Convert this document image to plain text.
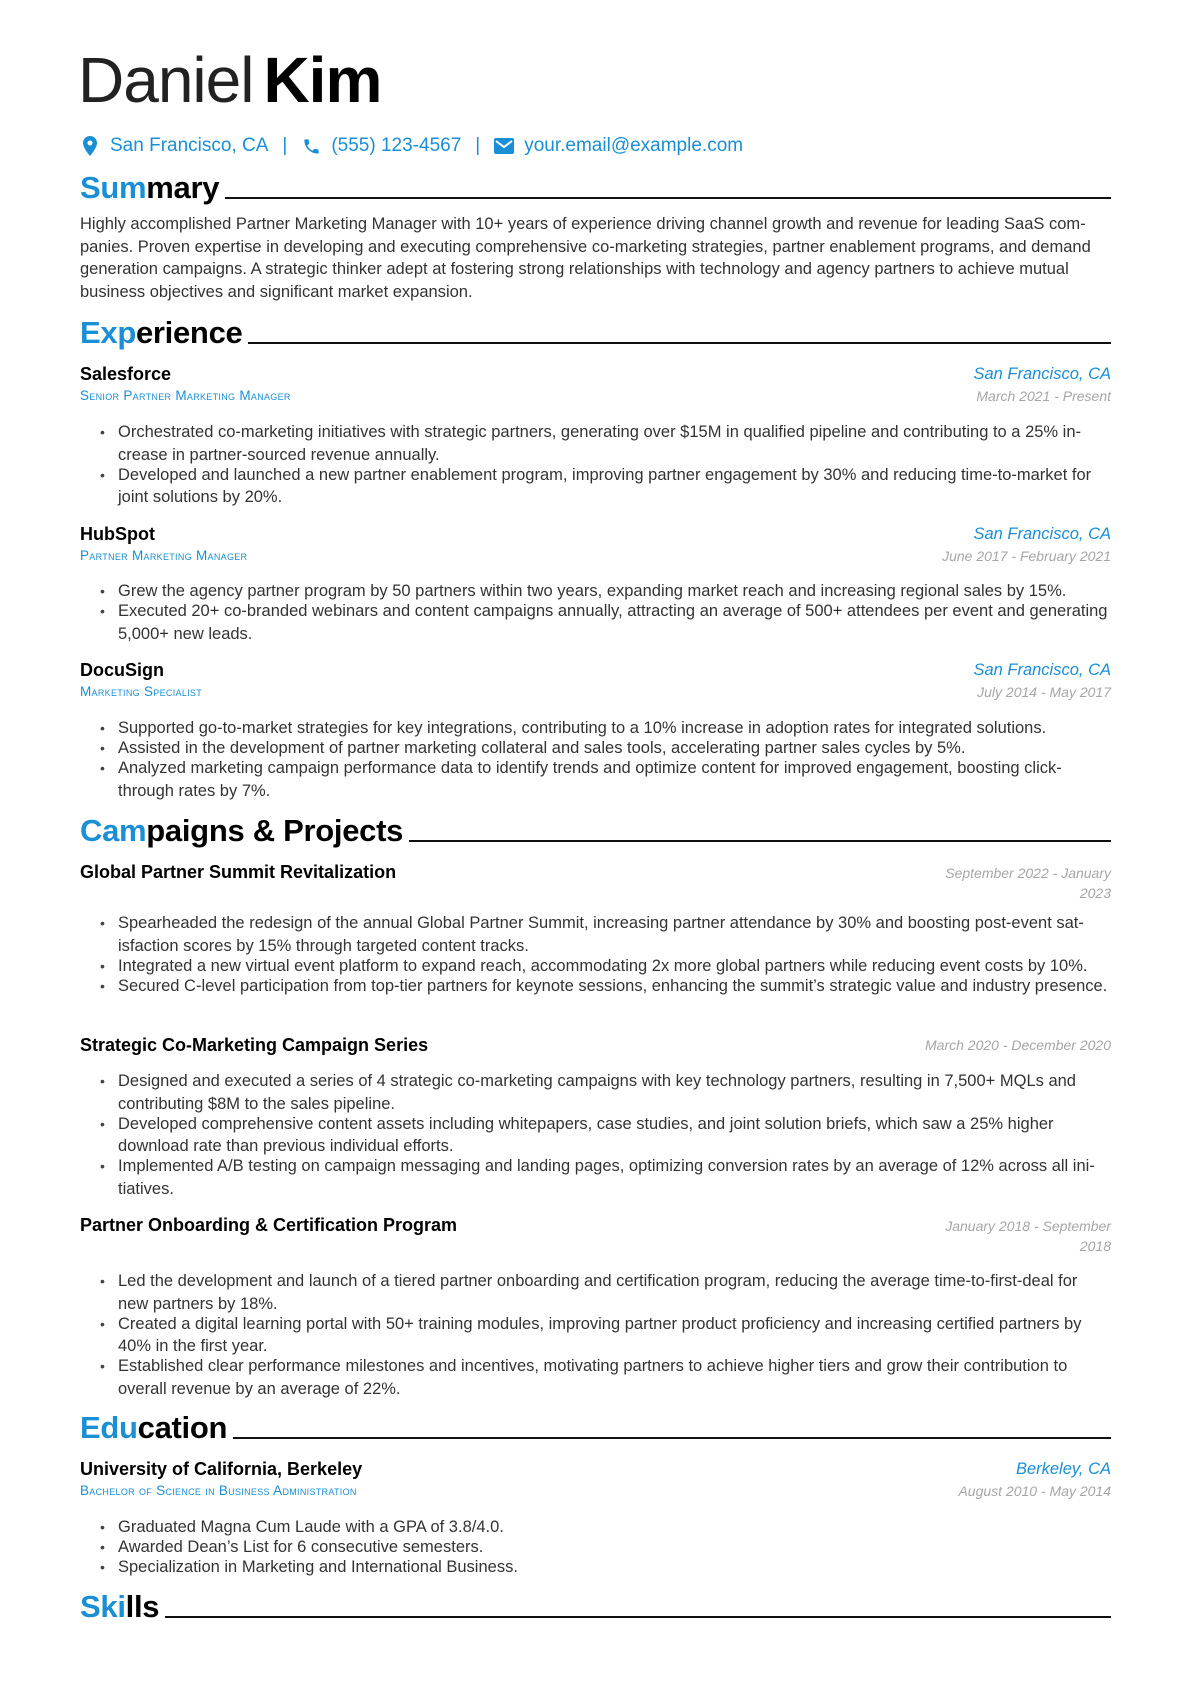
Daniel Kim
San Francisco, CA | (555) 123-4567 | your.email@example.com
Summary
Highly accomplished Partner Marketing Manager with 10+ years of experience driving channel growth and revenue for leading SaaS companies. Proven expertise in developing and executing comprehensive co-marketing strategies, partner enablement programs, and demand generation campaigns. A strategic thinker adept at fostering strong relationships with technology and agency partners to achieve mutual business objectives and significant market expansion.
Experience
Salesforce	San Francisco, CA
Senior Partner Marketing Manager	March 2021 - Present
• Orchestrated co-marketing initiatives with strategic partners, generating over $15M in qualified pipeline and contributing to a 25% increase in partner-sourced revenue annually.
• Developed and launched a new partner enablement program, improving partner engagement by 30% and reducing time-to-market for joint solutions by 20%.
HubSpot	San Francisco, CA
Partner Marketing Manager	June 2017 - February 2021
• Grew the agency partner program by 50 partners within two years, expanding market reach and increasing regional sales by 15%.
• Executed 20+ co-branded webinars and content campaigns annually, attracting an average of 500+ attendees per event and generating 5,000+ new leads.
DocuSign	San Francisco, CA
Marketing Specialist	July 2014 - May 2017
• Supported go-to-market strategies for key integrations, contributing to a 10% increase in adoption rates for integrated solutions.
• Assisted in the development of partner marketing collateral and sales tools, accelerating partner sales cycles by 5%.
• Analyzed marketing campaign performance data to identify trends and optimize content for improved engagement, boosting clickthrough rates by 7%.
Campaigns & Projects
Global Partner Summit Revitalization	September 2022 - January 2023
• Spearheaded the redesign of the annual Global Partner Summit, increasing partner attendance by 30% and boosting post-event satisfaction scores by 15% through targeted content tracks.
• Integrated a new virtual event platform to expand reach, accommodating 2x more global partners while reducing event costs by 10%.
• Secured C-level participation from top-tier partners for keynote sessions, enhancing the summit’s strategic value and industry presence.
Strategic Co-Marketing Campaign Series	March 2020 - December 2020
• Designed and executed a series of 4 strategic co-marketing campaigns with key technology partners, resulting in 7,500+ MQLs and contributing $8M to the sales pipeline.
• Developed comprehensive content assets including whitepapers, case studies, and joint solution briefs, which saw a 25% higher download rate than previous individual efforts.
• Implemented A/B testing on campaign messaging and landing pages, optimizing conversion rates by an average of 12% across all initiatives.
Partner Onboarding & Certification Program	January 2018 - September 2018
• Led the development and launch of a tiered partner onboarding and certification program, reducing the average time-to-first-deal for new partners by 18%.
• Created a digital learning portal with 50+ training modules, improving partner product proficiency and increasing certified partners by 40% in the first year.
• Established clear performance milestones and incentives, motivating partners to achieve higher tiers and grow their contribution to overall revenue by an average of 22%.
Education
University of California, Berkeley	Berkeley, CA
Bachelor of Science in Business Administration	August 2010 - May 2014
• Graduated Magna Cum Laude with a GPA of 3.8/4.0.
• Awarded Dean’s List for 6 consecutive semesters.
• Specialization in Marketing and International Business.
Skills
